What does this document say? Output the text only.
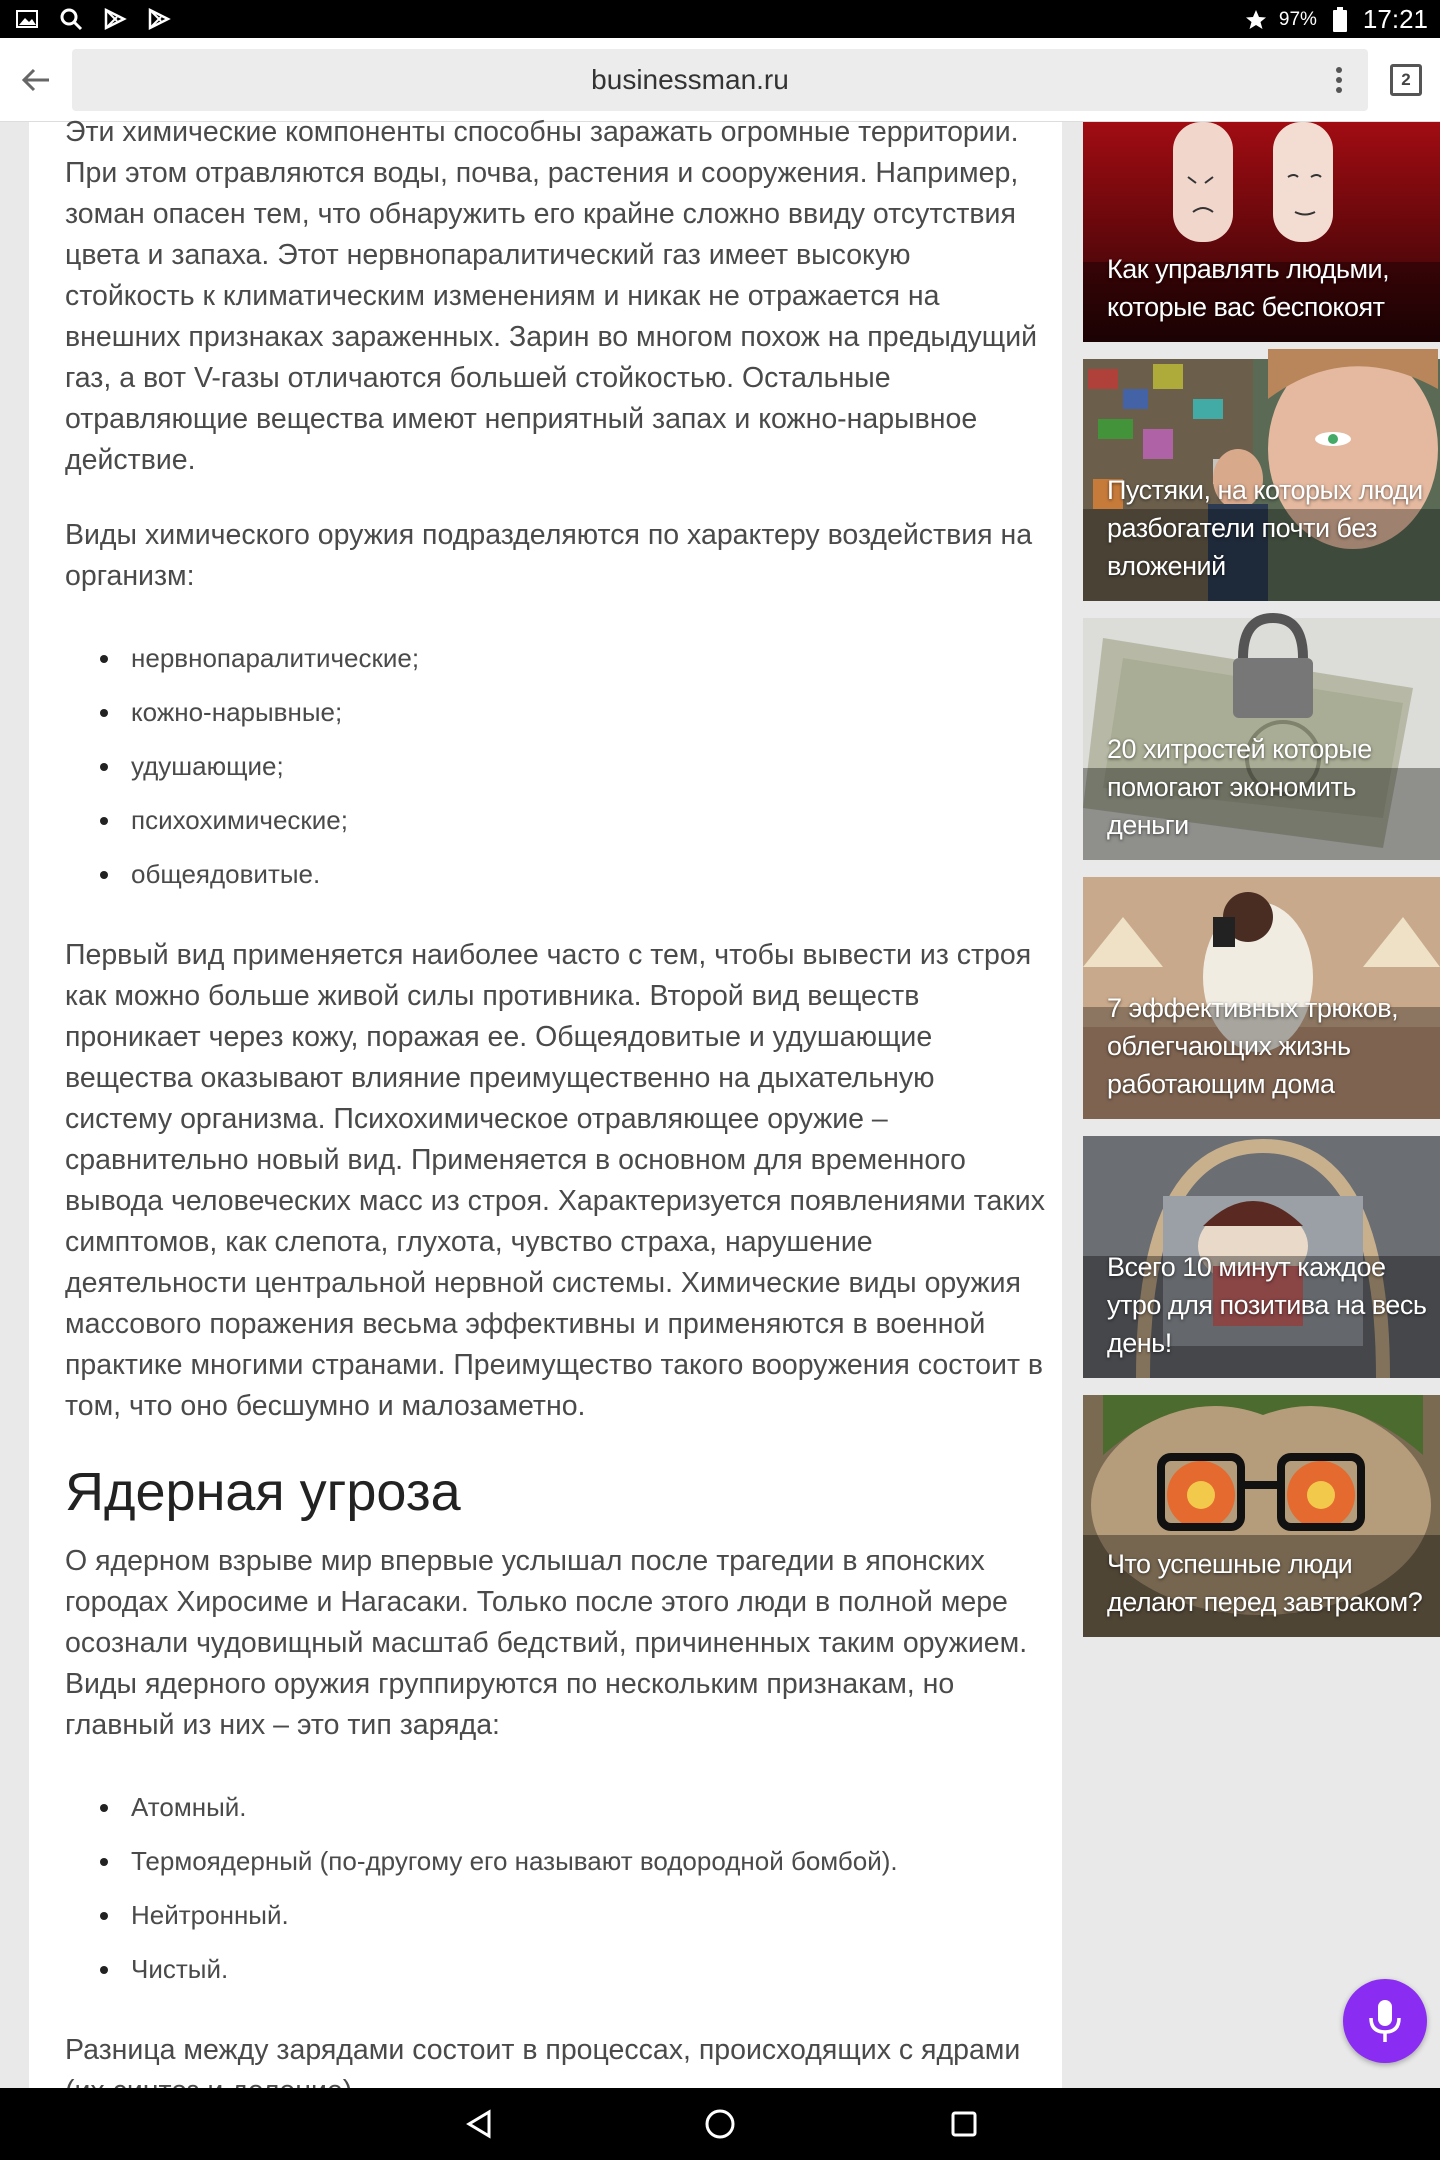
97% 17:21
businessman.ru	2

Эти химические компоненты способны заражать огромные территории. При этом отравляются воды, почва, растения и сооружения. Например, зоман опасен тем, что обнаружить его крайне сложно ввиду отсутствия цвета и запаха. Этот нервнопаралитический газ имеет высокую стойкость к климатическим изменениям и никак не отражается на внешних признаках зараженных. Зарин во многом похож на предыдущий газ, а вот V-газы отличаются большей стойкостью. Остальные отравляющие вещества имеют неприятный запах и кожно-нарывное действие.

Виды химического оружия подразделяются по характеру воздействия на организм:

нервнопаралитические;
кожно-нарывные;
удушающие;
психохимические;
общеядовитые.

Первый вид применяется наиболее часто с тем, чтобы вывести из строя как можно больше живой силы противника. Второй вид веществ проникает через кожу, поражая ее. Общеядовитые и удушающие вещества оказывают влияние преимущественно на дыхательную систему организма. Психохимическое отравляющее оружие – сравнительно новый вид. Применяется в основном для временного вывода человеческих масс из строя. Характеризуется появлениями таких симптомов, как слепота, глухота, чувство страха, нарушение деятельности центральной нервной системы. Химические виды оружия массового поражения весьма эффективны и применяются в военной практике многими странами. Преимущество такого вооружения состоит в том, что оно бесшумно и малозаметно.

Ядерная угроза

О ядерном взрыве мир впервые услышал после трагедии в японских городах Хиросиме и Нагасаки. Только после этого люди в полной мере осознали чудовищный масштаб бедствий, причиненных таким оружием. Виды ядерного оружия группируются по нескольким признакам, но главный из них – это тип заряда:

Атомный.
Термоядерный (по-другому его называют водородной бомбой).
Нейтронный.
Чистый.

Разница между зарядами состоит в процессах, происходящих с ядрами

Как управлять людьми, которые вас беспокоят
Пустяки, на которых люди разбогатели почти без вложений
20 хитростей которые помогают экономить деньги
7 эффективных трюков, облегчающих жизнь работающим дома
Всего 10 минут каждое утро для позитива на весь день!
Что успешные люди делают перед завтраком?
